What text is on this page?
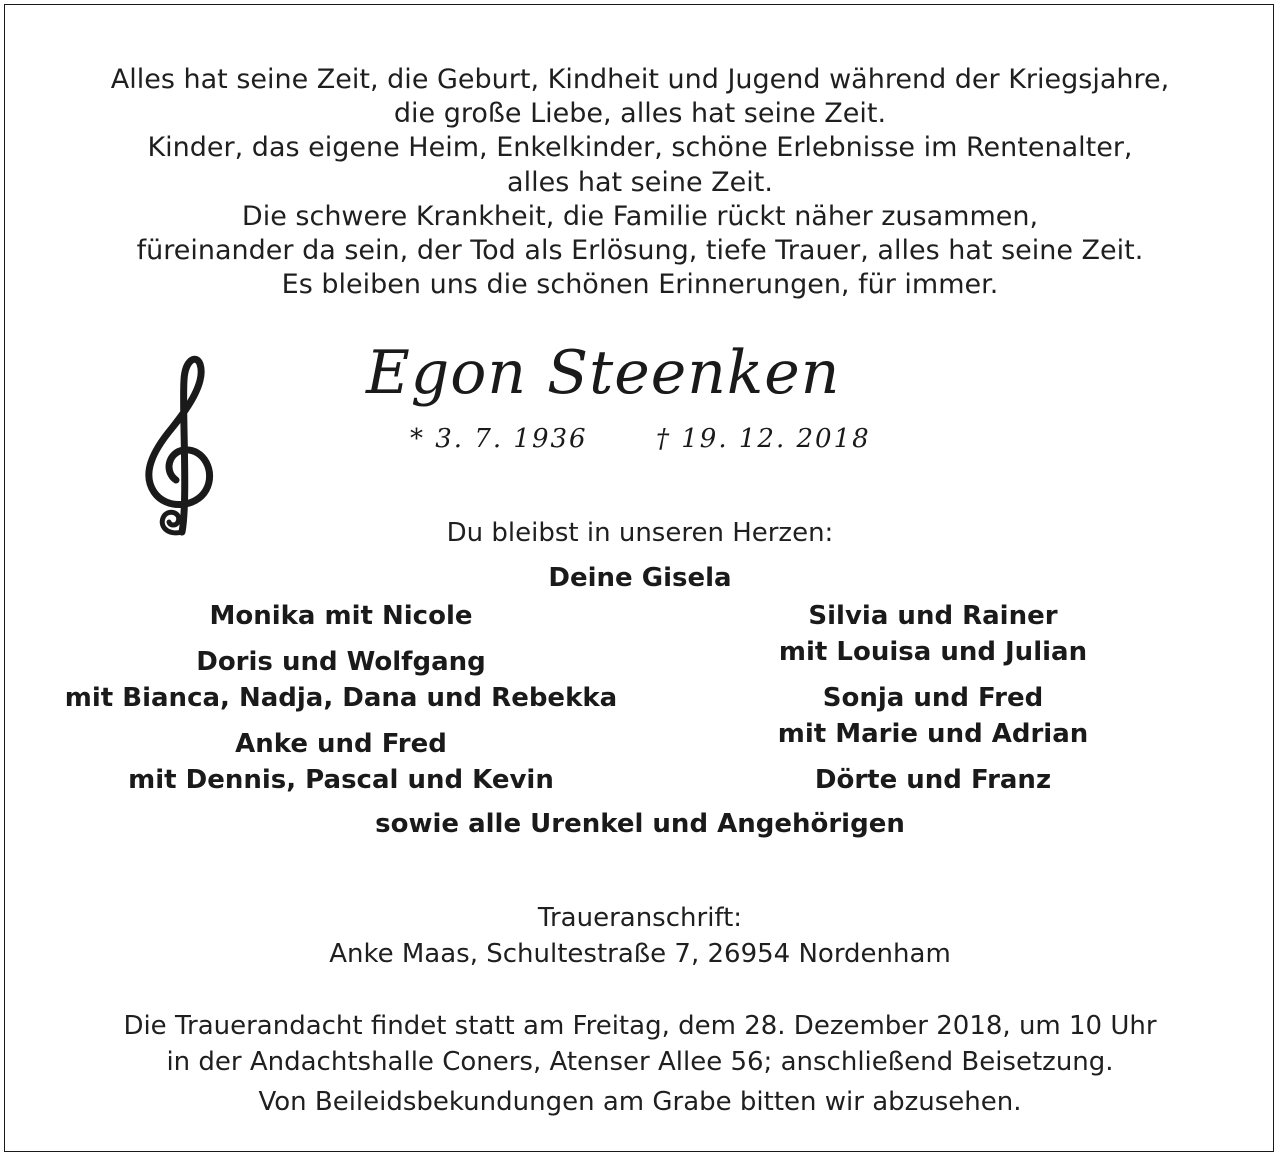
Alles hat seine Zeit, die Geburt, Kindheit und Jugend während der Kriegsjahre,
die große Liebe, alles hat seine Zeit.
Kinder, das eigene Heim, Enkelkinder, schöne Erlebnisse im Rentenalter,
alles hat seine Zeit.
Die schwere Krankheit, die Familie rückt näher zusammen,
füreinander da sein, der Tod als Erlösung, tiefe Trauer, alles hat seine Zeit.
Es bleiben uns die schönen Erinnerungen, für immer.
Egon Steenken
* 3. 7. 1936	† 19. 12. 2018
Du bleibst in unseren Herzen:
Deine Gisela
Monika mit Nicole
Doris und Wolfgang
mit Bianca, Nadja, Dana und Rebekka
Anke und Fred
mit Dennis, Pascal und Kevin
Silvia und Rainer
mit Louisa und Julian
Sonja und Fred
mit Marie und Adrian
Dörte und Franz
sowie alle Urenkel und Angehörigen
Traueranschrift:
Anke Maas, Schultestraße 7, 26954 Nordenham
Die Trauerandacht findet statt am Freitag, dem 28. Dezember 2018, um 10 Uhr
in der Andachtshalle Coners, Atenser Allee 56; anschließend Beisetzung.
Von Beileidsbekundungen am Grabe bitten wir abzusehen.
